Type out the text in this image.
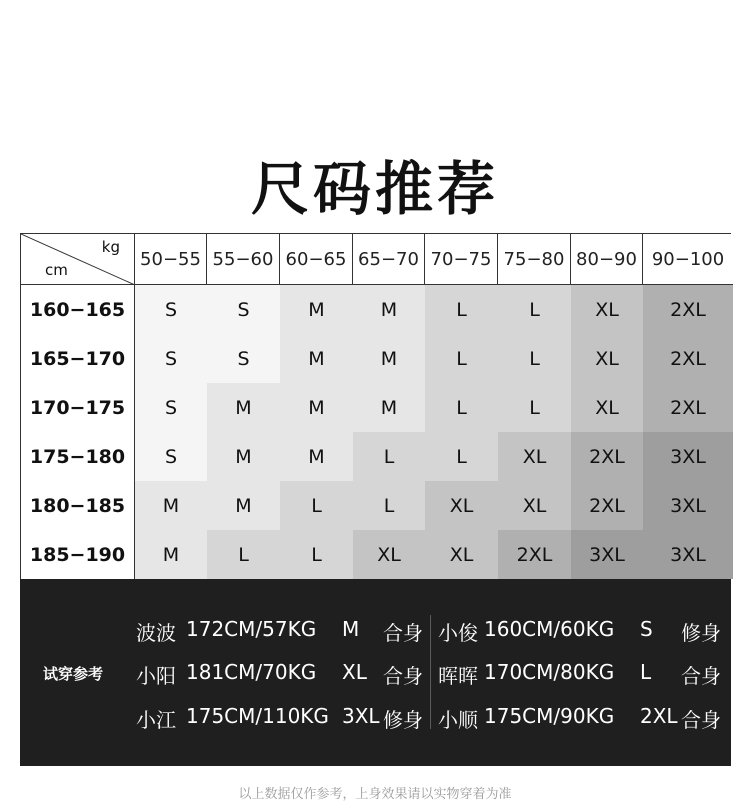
尺码推荐
kg
cm
50−55 55−60 60−65 65−70 70−75 75−80 80−90 90−100
160−165	S	S	M	M	L	L	XL	2XL
165−170	S	S	M	M	L	L	XL	2XL
170−175	S	M	M	M	L	L	XL	2XL
175−180	S	M	M	L	L	XL	2XL	3XL
180−185	M	M	L	L	XL	XL	2XL	3XL
185−190	M	L	L	XL	XL	2XL	3XL	3XL
试穿参考
波波 172CM/57KG M 合身
小阳 181CM/70KG XL 合身
小江 175CM/110KG 3XL 修身
小俊 160CM/60KG S 修身
晖晖 170CM/80KG L 合身
小顺 175CM/90KG 2XL 合身
以上数据仅作参考，上身效果请以实物穿着为准
